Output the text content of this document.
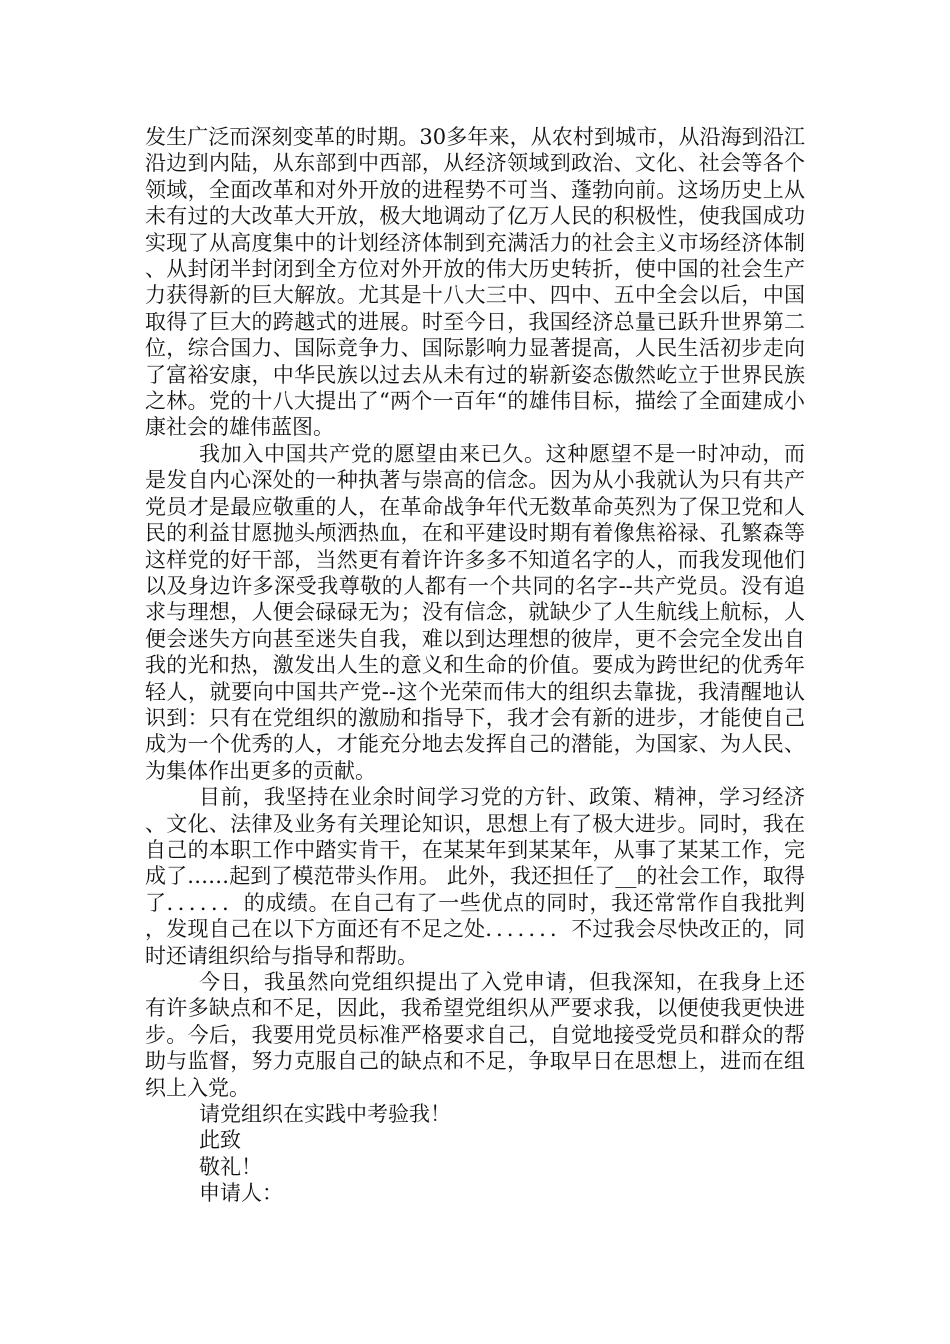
发生广泛而深刻变革的时期。30多年来，从农村到城市，从沿海到沿江沿边到内陆，从东部到中西部，从经济领域到政治、文化、社会等各个领域，全面改革和对外开放的进程势不可当、蓬勃向前。这场历史上从未有过的大改革大开放，极大地调动了亿万人民的积极性，使我国成功实现了从高度集中的计划经济体制到充满活力的社会主义市场经济体制、从封闭半封闭到全方位对外开放的伟大历史转折，使中国的社会生产力获得新的巨大解放。尤其是十八大三中、四中、五中全会以后，中国取得了巨大的跨越式的进展。时至今日，我国经济总量已跃升世界第二位，综合国力、国际竞争力、国际影响力显著提高，人民生活初步走向了富裕安康，中华民族以过去从未有过的崭新姿态傲然屹立于世界民族之林。党的十八大提出了“两个一百年“的雄伟目标，描绘了全面建成小康社会的雄伟蓝图。

我加入中国共产党的愿望由来已久。这种愿望不是一时冲动，而是发自内心深处的一种执著与崇高的信念。因为从小我就认为只有共产党员才是最应敬重的人，在革命战争年代无数革命英烈为了保卫党和人民的利益甘愿抛头颅洒热血，在和平建设时期有着像焦裕禄、孔繁森等这样党的好干部，当然更有着许许多多不知道名字的人，而我发现他们以及身边许多深受我尊敬的人都有一个共同的名字--共产党员。没有追求与理想，人便会碌碌无为；没有信念，就缺少了人生航线上航标，人便会迷失方向甚至迷失自我，难以到达理想的彼岸，更不会完全发出自我的光和热，激发出人生的意义和生命的价值。要成为跨世纪的优秀年轻人，就要向中国共产党--这个光荣而伟大的组织去靠拢，我清醒地认识到：只有在党组织的激励和指导下，我才会有新的进步，才能使自己成为一个优秀的人，才能充分地去发挥自己的潜能，为国家、为人民、为集体作出更多的贡献。

目前，我坚持在业余时间学习党的方针、政策、精神，学习经济、文化、法律及业务有关理论知识，思想上有了极大进步。同时，我在自己的本职工作中踏实肯干，在某某年到某某年，从事了某某工作，完成了……起到了模范带头作用。 此外，我还担任了__的社会工作，取得了．．．．．．的成绩。在自己有了一些优点的同时，我还常常作自我批判，发现自己在以下方面还有不足之处．．．．．．．不过我会尽快改正的，同时还请组织给与指导和帮助。

今日，我虽然向党组织提出了入党申请，但我深知，在我身上还有许多缺点和不足，因此，我希望党组织从严要求我，以便使我更快进步。今后，我要用党员标准严格要求自己，自觉地接受党员和群众的帮助与监督，努力克服自己的缺点和不足，争取早日在思想上，进而在组织上入党。

请党组织在实践中考验我！

此致

敬礼！

申请人：
